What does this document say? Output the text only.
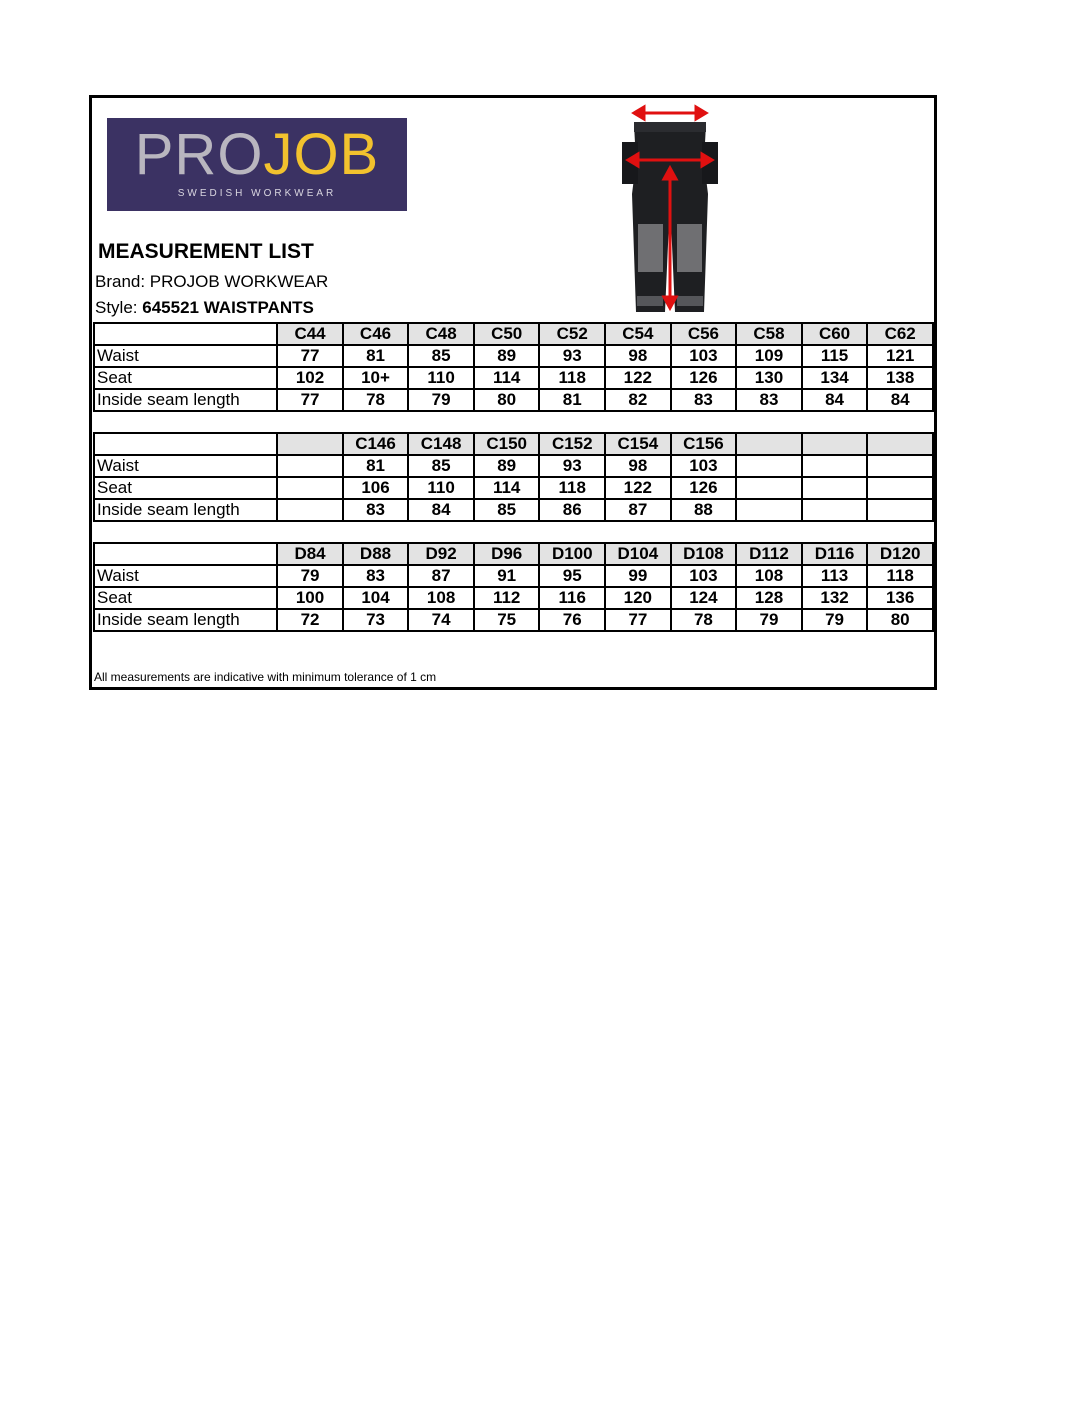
PROJOB
SWEDISH WORKWEAR
MEASUREMENT LIST
Brand: PROJOB WORKWEAR
Style: 645521 WAISTPANTS
	C44	C46	C48	C50	C52	C54	C56	C58	C60	C62
Waist	77	81	85	89	93	98	103	109	115	121
Seat	102	10+	110	114	118	122	126	130	134	138
Inside seam length	77	78	79	80	81	82	83	83	84	84

		C146	C148	C150	C152	C154	C156			
Waist		81	85	89	93	98	103			
Seat		106	110	114	118	122	126			
Inside seam length		83	84	85	86	87	88			

	D84	D88	D92	D96	D100	D104	D108	D112	D116	D120
Waist	79	83	87	91	95	99	103	108	113	118
Seat	100	104	108	112	116	120	124	128	132	136
Inside seam length	72	73	74	75	76	77	78	79	79	80
All measurements are indicative with minimum tolerance of 1 cm
